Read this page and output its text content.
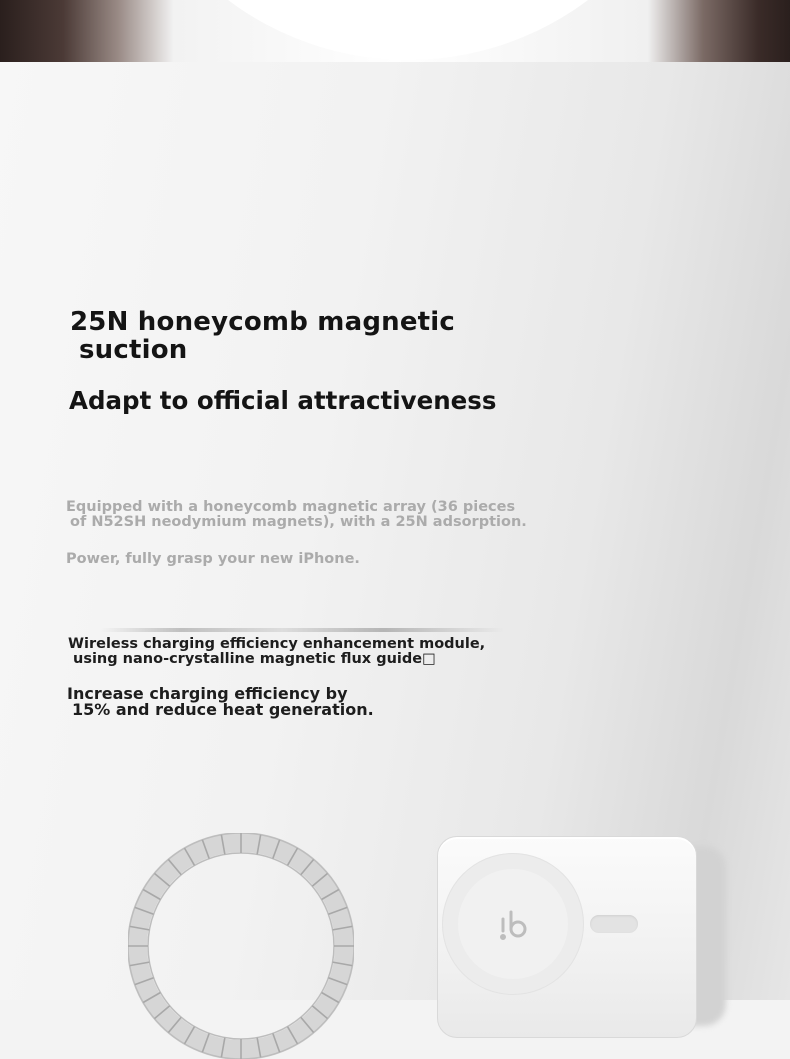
25N honeycomb magnetic

suction

Adapt to official attractiveness

Equipped with a honeycomb magnetic array (36 pieces

of N52SH neodymium magnets), with a 25N adsorption.

Power, fully grasp your new iPhone.

Wireless charging efficiency enhancement module,

using nano-crystalline magnetic flux guide□

Increase charging efficiency by

15% and reduce heat generation.
